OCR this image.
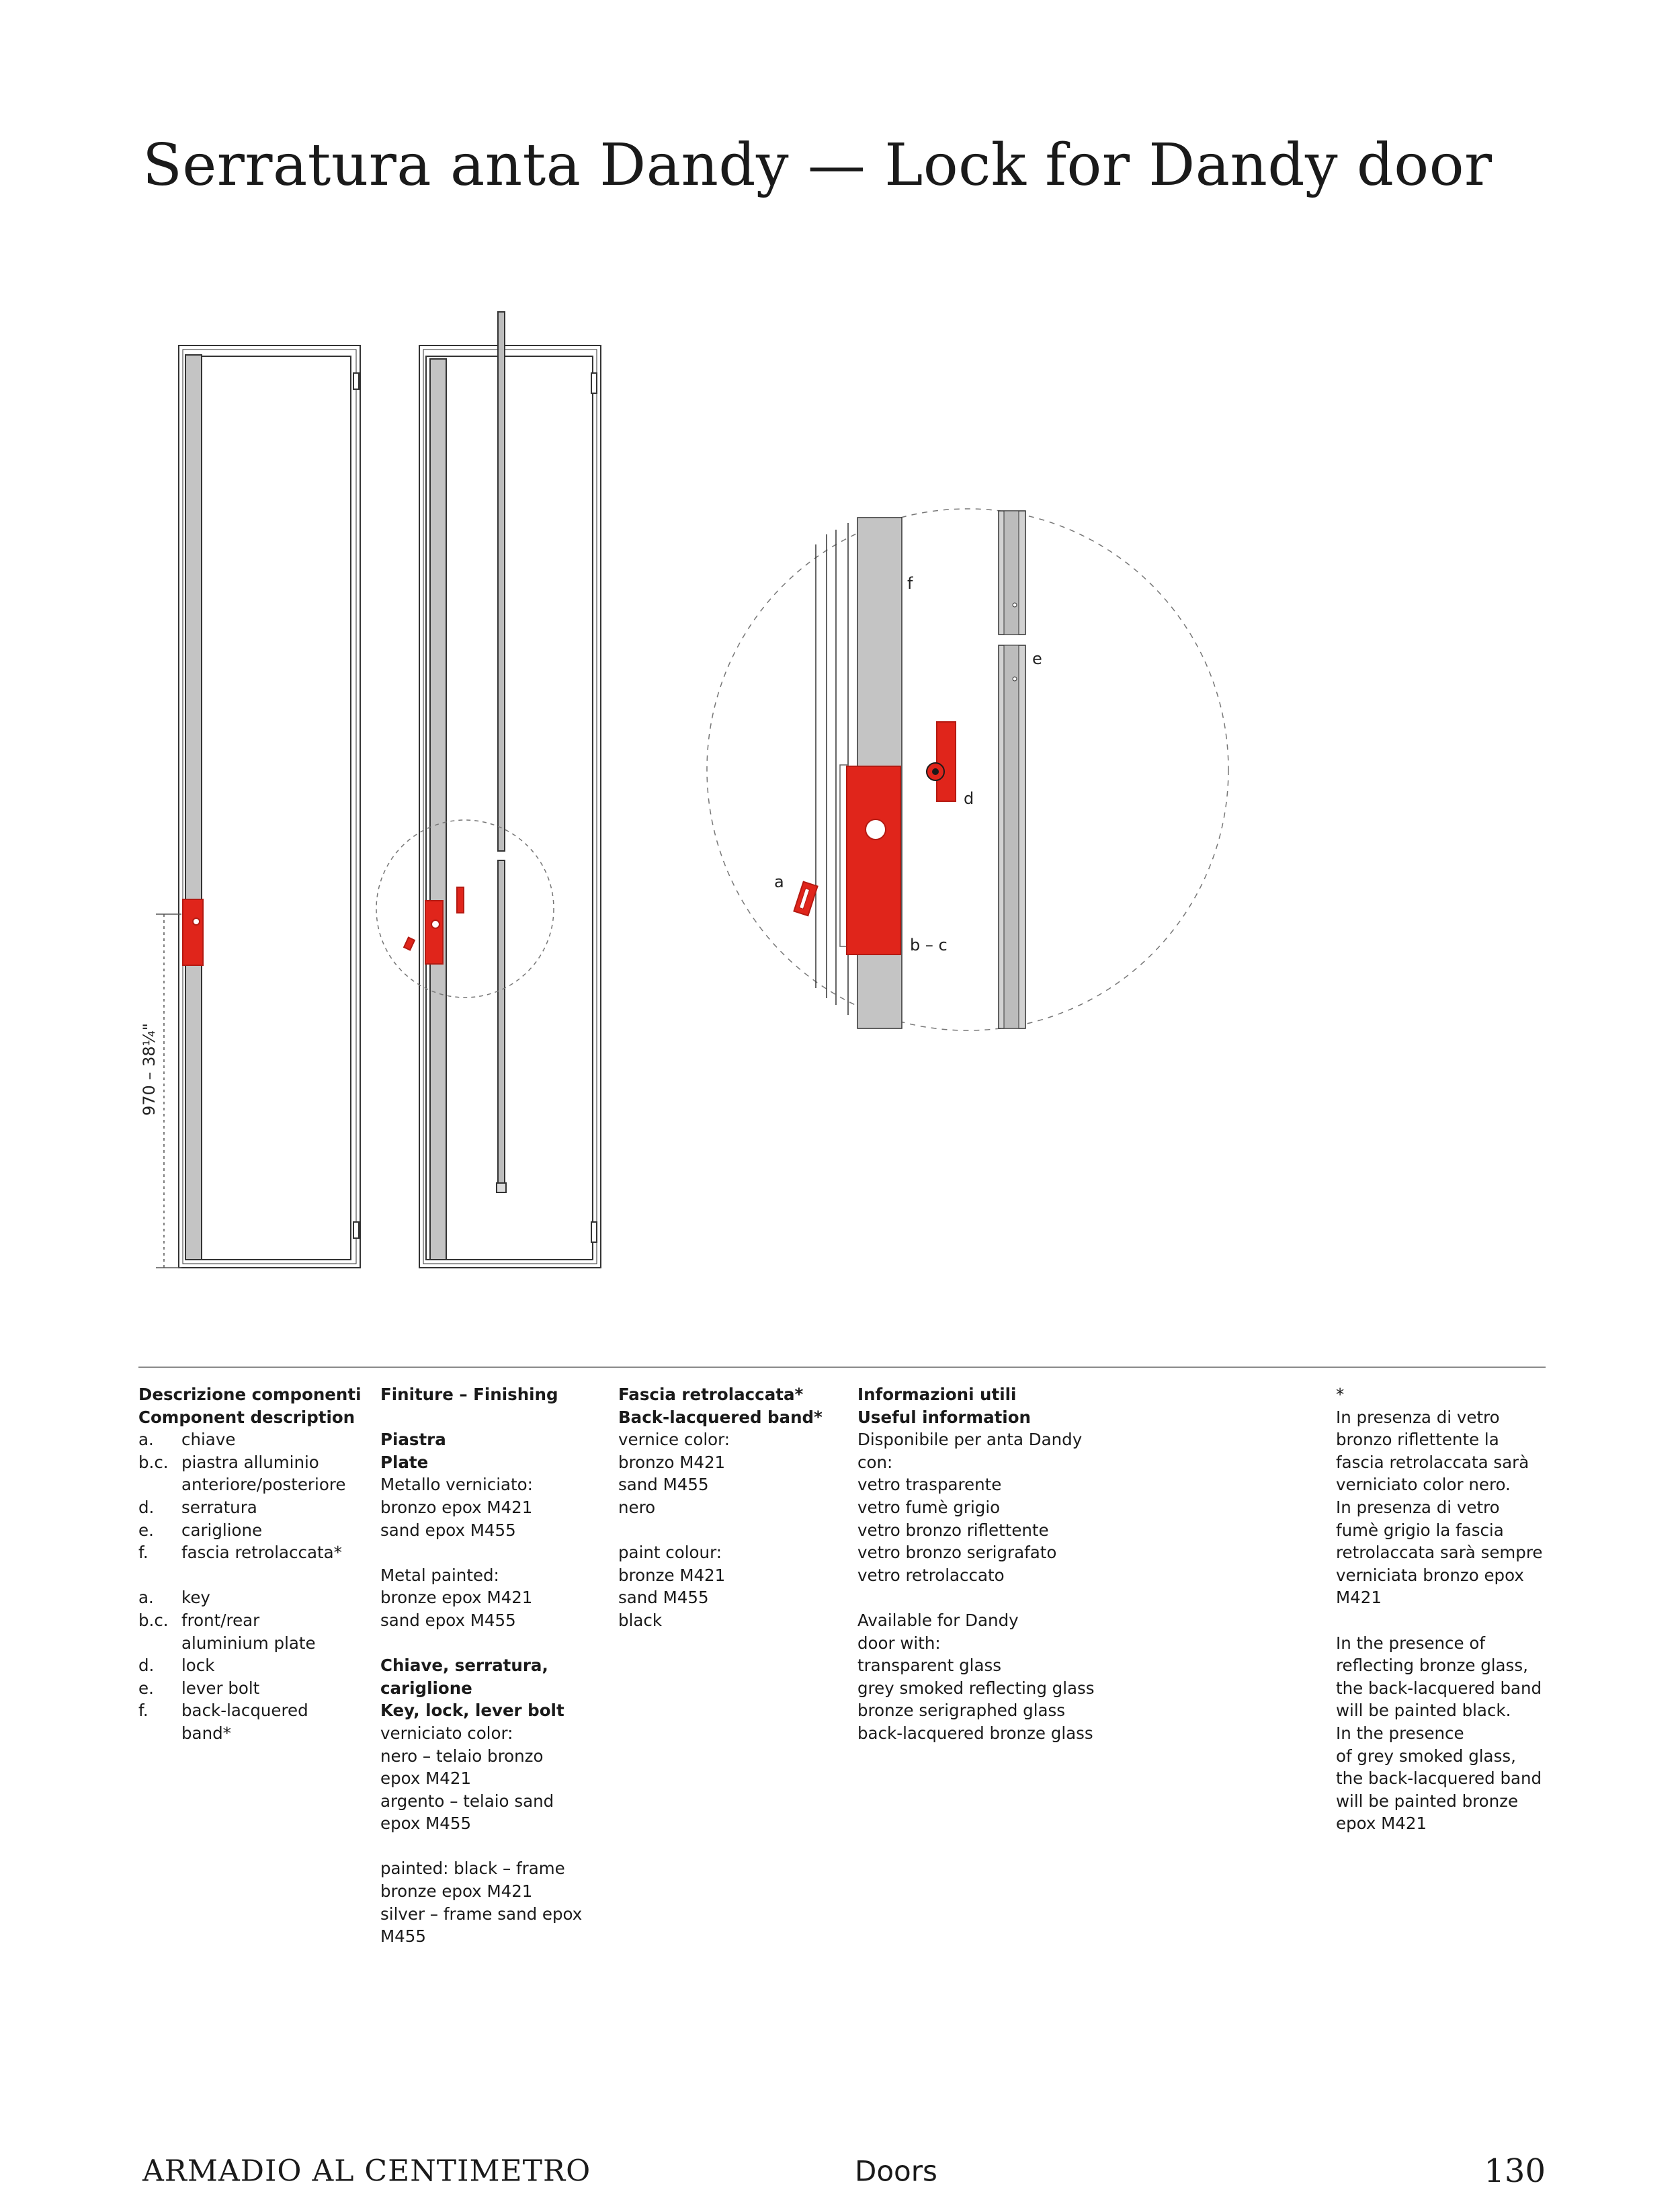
Serratura anta Dandy — Lock for Dandy door
970 – 38¼"
f
e
d
a
b – c

Descrizione componenti

Component description

a.	chiave
b.c. piastra alluminio
anteriore/posteriore
d.	serratura
e.	cariglione
f.	fascia retrolaccata*
a.	key
b.c. front/rear
aluminium plate
d.	lock
e.	lever bolt
f.	back-lacquered
band*

Finiture – Finishing

Piastra

Plate

Metallo verniciato:

bronzo epox M421

sand epox M455

Metal painted:

bronze epox M421

sand epox M455

Chiave, serratura,

cariglione

Key, lock, lever bolt

verniciato color:

nero – telaio bronzo

epox M421

argento – telaio sand

epox M455

painted: black – frame

bronze epox M421

silver – frame sand epox

M455

Fascia retrolaccata*

Back-lacquered band*

vernice color:

bronzo M421

sand M455

nero

paint colour:

bronze M421

sand M455

black

Informazioni utili

Useful information

Disponibile per anta Dandy

con:

vetro trasparente

vetro fumè grigio

vetro bronzo riflettente

vetro bronzo serigrafato

vetro retrolaccato

Available for Dandy

door with:

transparent glass

grey smoked reflecting glass

bronze serigraphed glass

back-lacquered bronze glass

*

In presenza di vetro

bronzo riflettente la

fascia retrolaccata sarà

verniciato color nero.

In presenza di vetro

fumè grigio la fascia

retrolaccata sarà sempre

verniciata bronzo epox

M421

In the presence of

reflecting bronze glass,

the back-lacquered band

will be painted black.

In the presence

of grey smoked glass,

the back-lacquered band

will be painted bronze

epox M421

ARMADIO AL CENTIMETRO	Doors	130
